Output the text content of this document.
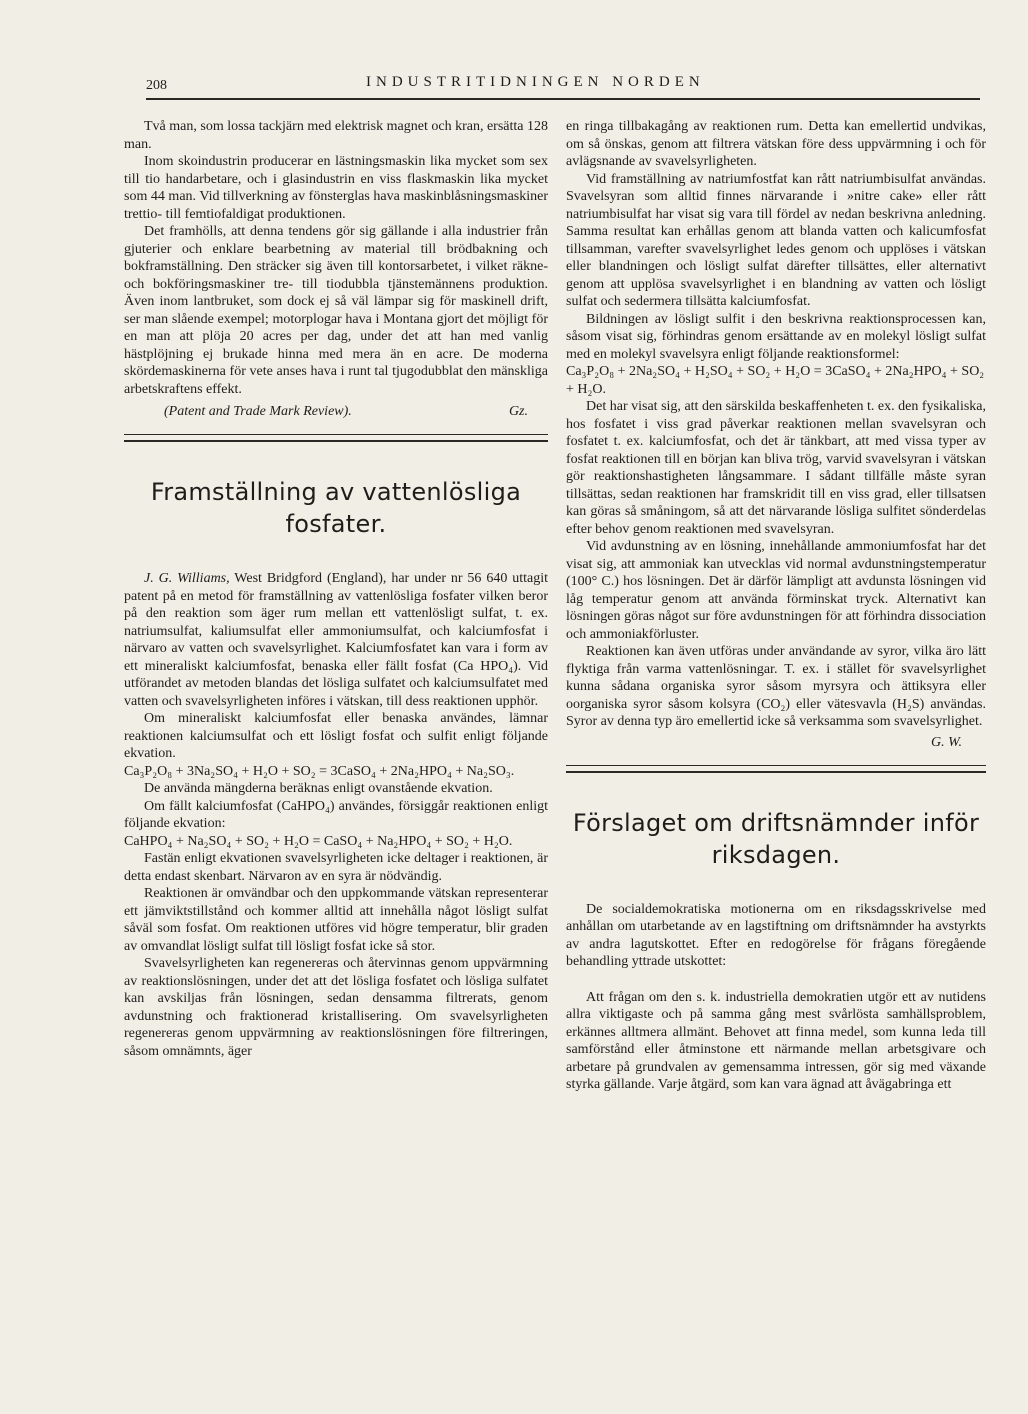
208	INDUSTRITIDNINGEN NORDEN

Två man, som lossa tackjärn med elektrisk magnet och kran, ersätta 128 man.

Inom skoindustrin producerar en lästningsmaskin lika mycket som sex till tio handarbetare, och i glasindustrin en viss flaskmaskin lika mycket som 44 man. Vid tillverkning av fönsterglas hava maskinblåsningsmaskiner trettio- till femtiofaldigat produktionen.

Det framhölls, att denna tendens gör sig gällande i alla industrier från gjuterier och enklare bearbetning av material till brödbakning och bokframställning. Den sträcker sig även till kontorsarbetet, i vilket räkne- och bokföringsmaskiner tre- till tiodubbla tjänstemännens produktion. Även inom lantbruket, som dock ej så väl lämpar sig för maskinell drift, ser man slående exempel; motorplogar hava i Montana gjort det möjligt för en man att plöja 20 acres per dag, under det att han med vanlig hästplöjning ej brukade hinna med mera än en acre. De moderna skördemaskinerna för vete anses hava i runt tal tjugodubblat den mänskliga arbetskraftens effekt.

(Patent and Trade Mark Review).	Gz.
Framställning av vattenlösliga fosfater.

J. G. Williams, West Bridgford (England), har under nr 56 640 uttagit patent på en metod för framställning av vattenlösliga fosfater vilken beror på den reaktion som äger rum mellan ett vattenlösligt sulfat, t. ex. natriumsulfat, kaliumsulfat eller ammoniumsulfat, och kalciumfosfat i närvaro av vatten och svavelsyrlighet. Kalciumfosfatet kan vara i form av ett mineraliskt kalciumfosfat, benaska eller fällt fosfat (Ca HPO₄). Vid utförandet av metoden blandas det lösliga sulfatet och kalciumsulfatet med vatten och svavelsyrligheten införes i vätskan, till dess reaktionen upphör.

Om mineraliskt kalciumfosfat eller benaska användes, lämnar reaktionen kalciumsulfat och ett lösligt fosfat och sulfit enligt följande ekvation.

Ca₃P₂O₈ + 3Na₂SO₄ + H₂O + SO₂ = 3CaSO₄ + 2Na₂HPO₄ + Na₂SO₃.

De använda mängderna beräknas enligt ovanstående ekvation.

Om fällt kalciumfosfat (CaHPO₄) användes, försiggår reaktionen enligt följande ekvation:

CaHPO₄ + Na₂SO₄ + SO₂ + H₂O = CaSO₄ + Na₂HPO₄ + SO₂ + H₂O.

Fastän enligt ekvationen svavelsyrligheten icke deltager i reaktionen, är detta endast skenbart. Närvaron av en syra är nödvändig.

Reaktionen är omvändbar och den uppkommande vätskan representerar ett jämviktstillstånd och kommer alltid att innehålla något lösligt sulfat såväl som fosfat. Om reaktionen utföres vid högre temperatur, blir graden av omvandlat lösligt sulfat till lösligt fosfat icke så stor.

Svavelsyrligheten kan regenereras och återvinnas genom uppvärmning av reaktionslösningen, under det att det lösliga fosfatet och lösliga sulfatet kan avskiljas från lösningen, sedan densamma filtrerats, genom avdunstning och fraktionerad kristallisering. Om svavelsyrligheten regenereras genom uppvärmning av reaktionslösningen före filtreringen, såsom omnämnts, äger

en ringa tillbakagång av reaktionen rum. Detta kan emellertid undvikas, om så önskas, genom att filtrera vätskan före dess uppvärmning i och för avlägsnande av svavelsyrligheten.

Vid framställning av natriumfostfat kan rått natriumbisulfat användas. Svavelsyran som alltid finnes närvarande i »nitre cake» eller rått natriumbisulfat har visat sig vara till fördel av nedan beskrivna anledning. Samma resultat kan erhållas genom att blanda vatten och kalicumfosfat tillsamman, varefter svavelsyrlighet ledes genom och upplöses i vätskan eller blandningen och lösligt sulfat därefter tillsättes, eller alternativt genom att upplösa svavelsyrlighet i en blandning av vatten och lösligt sulfat och sedermera tillsätta kalciumfosfat.

Bildningen av lösligt sulfit i den beskrivna reaktionsprocessen kan, såsom visat sig, förhindras genom ersättande av en molekyl lösligt sulfat med en molekyl svavelsyra enligt följande reaktionsformel:

Ca₃P₂O₈ + 2Na₂SO₄ + H₂SO₄ + SO₂ + H₂O = 3CaSO₄ + 2Na₂HPO₄ + SO₂ + H₂O.

Det har visat sig, att den särskilda beskaffenheten t. ex. den fysikaliska, hos fosfatet i viss grad påverkar reaktionen mellan svavelsyran och fosfatet t. ex. kalciumfosfat, och det är tänkbart, att med vissa typer av fosfat reaktionen till en början kan bliva trög, varvid svavelsyran i vätskan gör reaktionshastigheten långsammare. I sådant tillfälle måste syran tillsättas, sedan reaktionen har framskridit till en viss grad, eller tillsatsen kan göras så småningom, så att det närvarande lösliga sulfitet sönderdelas efter behov genom reaktionen med svavelsyran.

Vid avdunstning av en lösning, innehållande ammoniumfosfat har det visat sig, att ammoniak kan utvecklas vid normal avdunstningstemperatur (100° C.) hos lösningen. Det är därför lämpligt att avdunsta lösningen vid låg temperatur genom att använda förminskat tryck. Alternativt kan lösningen göras något sur före avdunstningen för att förhindra dissociation och ammoniakförluster.

Reaktionen kan även utföras under användande av syror, vilka äro lätt flyktiga från varma vattenlösningar. T. ex. i stället för svavelsyrlighet kunna sådana organiska syror såsom myrsyra och ättiksyra eller oorganiska syror såsom kolsyra (CO₂) eller vätesvavla (H₂S) användas. Syror av denna typ äro emellertid icke så verksamma som svavelsyrlighet.

G. W.

Förslaget om driftsnämnder inför riksdagen.

De socialdemokratiska motionerna om en riksdagsskrivelse med anhållan om utarbetande av en lagstiftning om driftsnämnder ha avstyrkts av andra lagutskottet. Efter en redogörelse för frågans föregående behandling yttrade utskottet:

Att frågan om den s. k. industriella demokratien utgör ett av nutidens allra viktigaste och på samma gång mest svårlösta samhällsproblem, erkännes alltmera allmänt. Behovet att finna medel, som kunna leda till samförstånd eller åtminstone ett närmande mellan arbetsgivare och arbetare på grundvalen av gemensamma intressen, gör sig med växande styrka gällande. Varje åtgärd, som kan vara ägnad att åvägabringa ett
